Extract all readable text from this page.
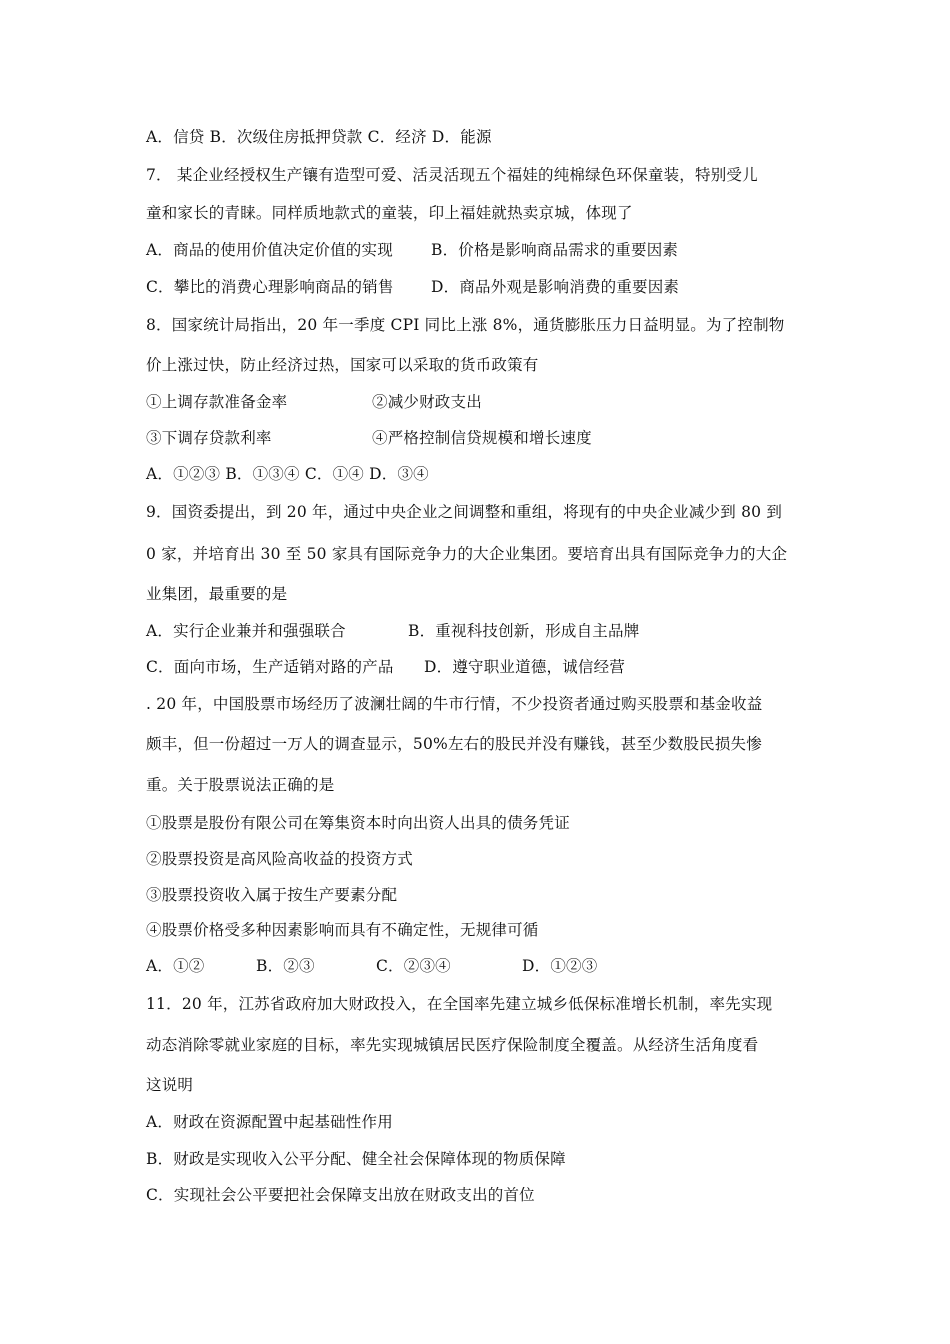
A．信贷 B．次级住房抵押贷款 C．经济 D．能源
7． 某企业经授权生产镶有造型可爱、活灵活现五个福娃的纯棉绿色环保童装，特别受儿
童和家长的青睐。同样质地款式的童装，印上福娃就热卖京城，体现了
A．商品的使用价值决定价值的实现 B．价格是影响商品需求的重要因素
C．攀比的消费心理影响商品的销售 D．商品外观是影响消费的重要因素
8．国家统计局指出，20 年一季度 CPI 同比上涨 8%，通货膨胀压力日益明显。为了控制物
价上涨过快，防止经济过热，国家可以采取的货币政策有
①上调存款准备金率	②减少财政支出
③下调存贷款利率	④严格控制信贷规模和增长速度
A．①②③ B．①③④ C．①④ D．③④
9．国资委提出，到 20 年，通过中央企业之间调整和重组，将现有的中央企业减少到 80 到
0 家，并培育出 30 至 50 家具有国际竞争力的大企业集团。要培育出具有国际竞争力的大企
业集团，最重要的是
A．实行企业兼并和强强联合	B．重视科技创新，形成自主品牌
C．面向市场，生产适销对路的产品 D．遵守职业道德，诚信经营
. 20 年，中国股票市场经历了波澜壮阔的牛市行情，不少投资者通过购买股票和基金收益
颇丰，但一份超过一万人的调查显示，50%左右的股民并没有赚钱，甚至少数股民损失惨
重。关于股票说法正确的是
①股票是股份有限公司在筹集资本时向出资人出具的债务凭证
②股票投资是高风险高收益的投资方式
③股票投资收入属于按生产要素分配
④股票价格受多种因素影响而具有不确定性，无规律可循
A．①②	B．②③	C．②③④	D．①②③
11．20 年，江苏省政府加大财政投入，在全国率先建立城乡低保标准增长机制，率先实现
动态消除零就业家庭的目标，率先实现城镇居民医疗保险制度全覆盖。从经济生活角度看
这说明
A．财政在资源配置中起基础性作用
B．财政是实现收入公平分配、健全社会保障体现的物质保障
C．实现社会公平要把社会保障支出放在财政支出的首位
